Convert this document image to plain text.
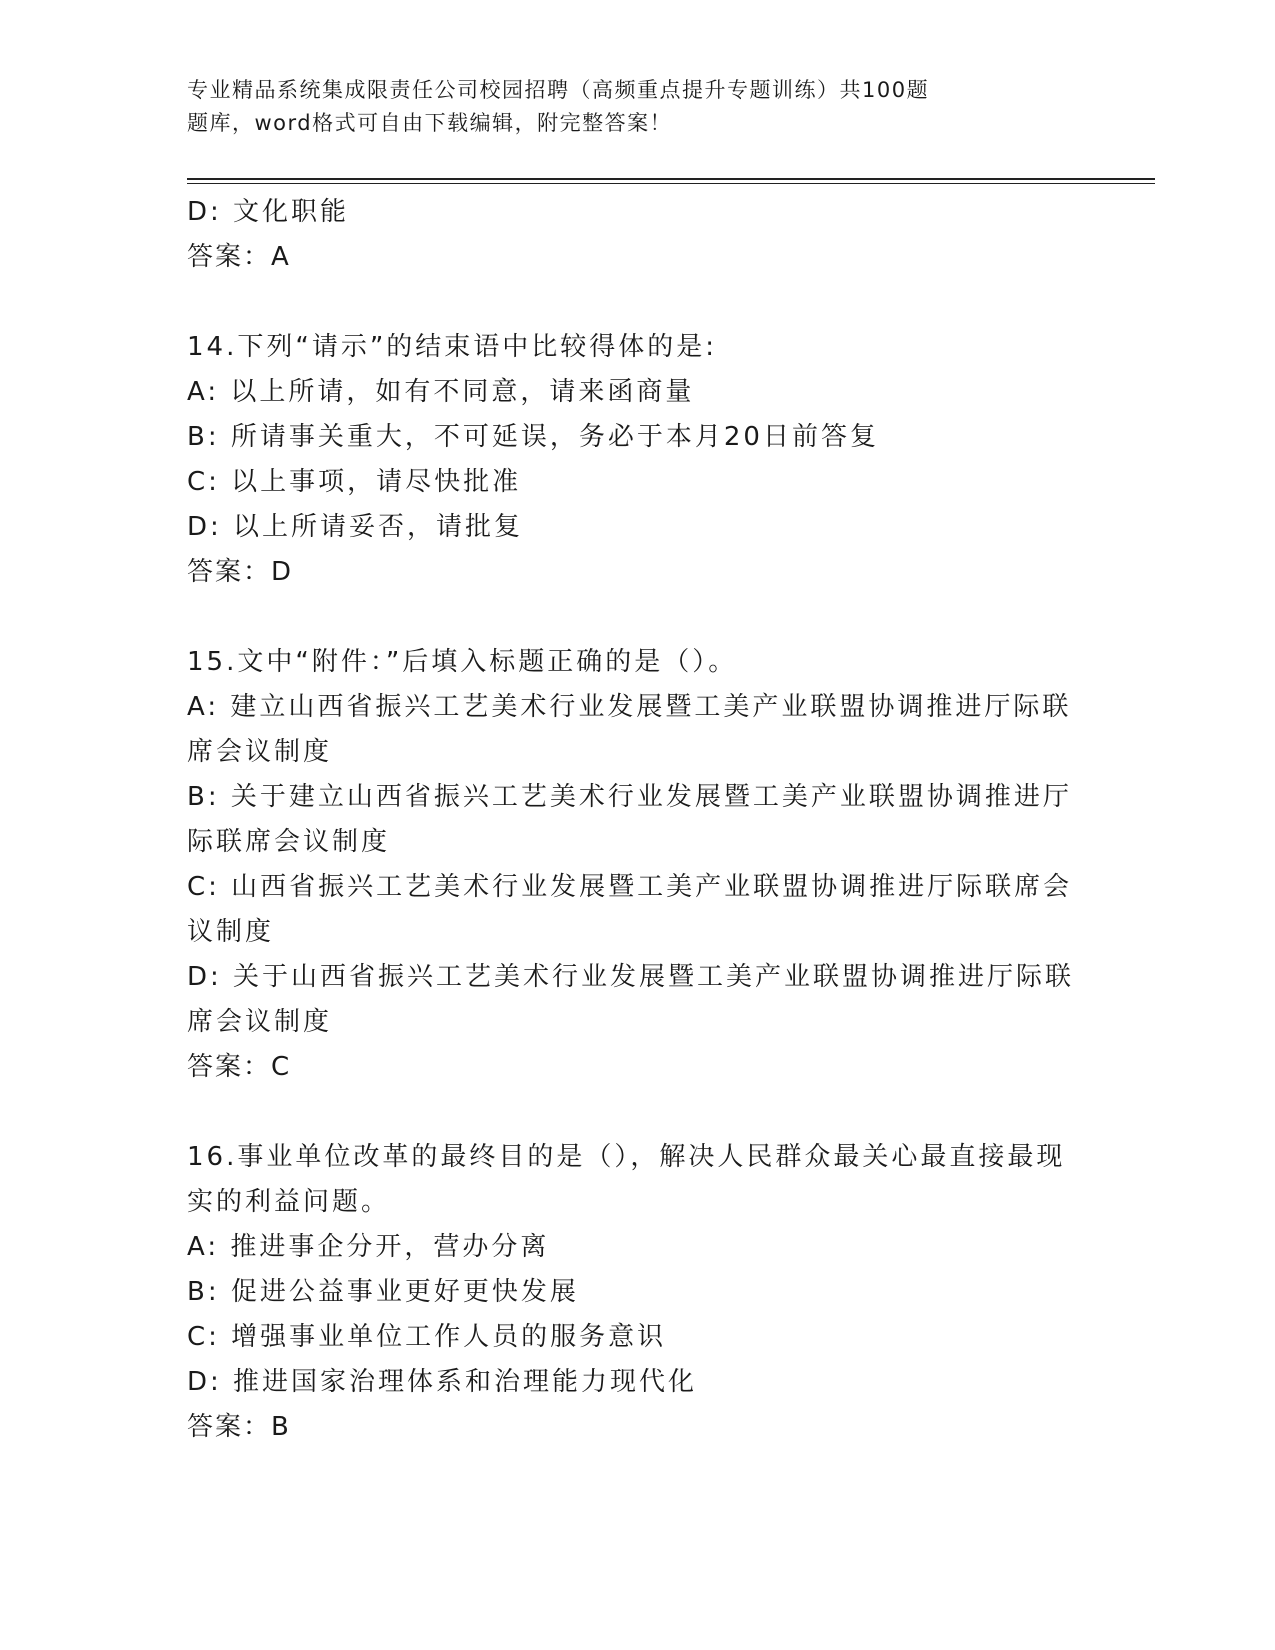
专业精品系统集成限责任公司校园招聘（高频重点提升专题训练）共100题
题库，word格式可自由下载编辑，附完整答案！

D: 文化职能

答案：A

14.下列“请示”的结束语中比较得体的是:

A: 以上所请，如有不同意，请来函商量

B: 所请事关重大，不可延误，务必于本月20日前答复

C: 以上事项，请尽快批准

D: 以上所请妥否，请批复

答案：D

15.文中“附件：”后填入标题正确的是（）。

A: 建立山西省振兴工艺美术行业发展暨工美产业联盟协调推进厅际联席会议制度

B: 关于建立山西省振兴工艺美术行业发展暨工美产业联盟协调推进厅际联席会议制度

C: 山西省振兴工艺美术行业发展暨工美产业联盟协调推进厅际联席会议制度

D: 关于山西省振兴工艺美术行业发展暨工美产业联盟协调推进厅际联席会议制度

答案：C

16.事业单位改革的最终目的是（），解决人民群众最关心最直接最现实的利益问题。

A: 推进事企分开，营办分离

B: 促进公益事业更好更快发展

C: 增强事业单位工作人员的服务意识

D: 推进国家治理体系和治理能力现代化

答案：B
